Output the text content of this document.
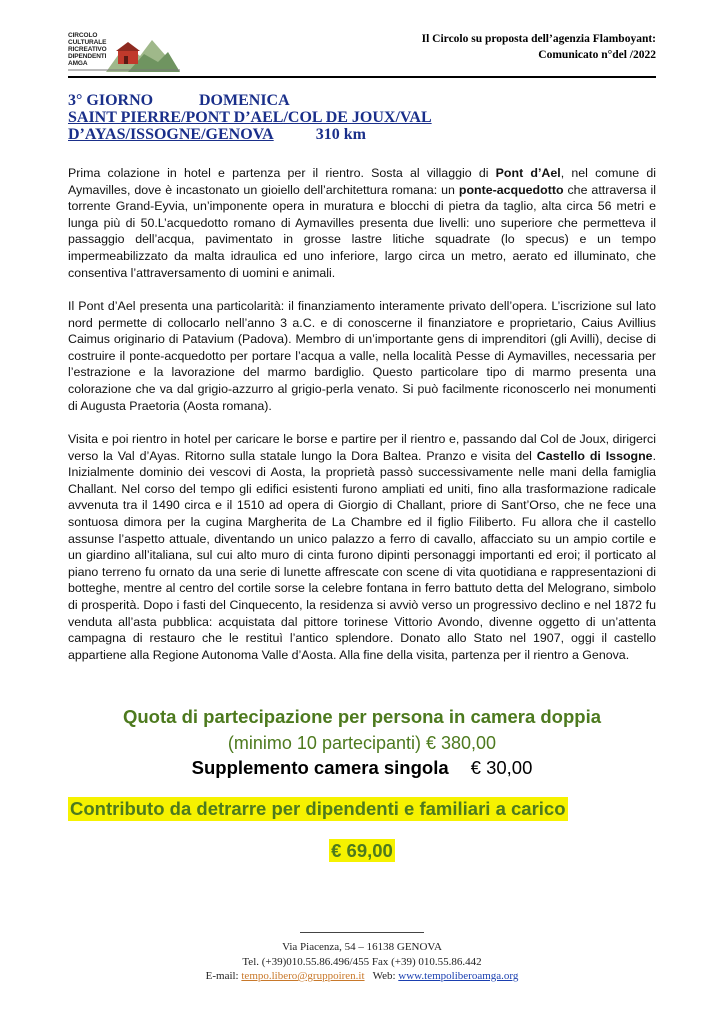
CIRCOLO CULTURALE
RICREATIVO DIPENDENTI
AMGA
Il Circolo su proposta dell’agenzia Flamboyant:
Comunicato n°del /2022
3° GIORNO	DOMENICA
SAINT PIERRE/PONT D’AEL/COL DE JOUX/VAL
D’AYAS/ISSOGNE/GENOVA	310 km

Prima colazione in hotel e partenza per il rientro. Sosta al villaggio di Pont d’Ael, nel comune di Aymavilles, dove è incastonato un gioiello dell’architettura romana: un ponte-acquedotto che attraversa il torrente Grand-Eyvia, un’imponente opera in muratura e blocchi di pietra da taglio, alta circa 56 metri e lunga più di 50.L’acquedotto romano di Aymavilles presenta due livelli: uno superiore che permetteva il passaggio dell’acqua, pavimentato in grosse lastre litiche squadrate (lo specus) e un tempo impermeabilizzato da malta idraulica ed uno inferiore, largo circa un metro, aerato ed illuminato, che consentiva l’attraversamento di uomini e animali.

Il Pont d’Ael presenta una particolarità: il finanziamento interamente privato dell’opera. L’iscrizione sul lato nord permette di collocarlo nell’anno 3 a.C. e di conoscerne il finanziatore e proprietario, Caius Avillius Caimus originario di Patavium (Padova). Membro di un’importante gens di imprenditori (gli Avilli), decise di costruire il ponte-acquedotto per portare l’acqua a valle, nella località Pesse di Aymavilles, necessaria per l’estrazione e la lavorazione del marmo bardiglio. Questo particolare tipo di marmo presenta una colorazione che va dal grigio-azzurro al grigio-perla venato. Si può facilmente riconoscerlo nei monumenti di Augusta Praetoria (Aosta romana).

Visita e poi rientro in hotel per caricare le borse e partire per il rientro e, passando dal Col de Joux, dirigerci verso la Val d’Ayas. Ritorno sulla statale lungo la Dora Baltea. Pranzo e visita del Castello di Issogne. Inizialmente dominio dei vescovi di Aosta, la proprietà passò successivamente nelle mani della famiglia Challant. Nel corso del tempo gli edifici esistenti furono ampliati ed uniti, fino alla trasformazione radicale avvenuta tra il 1490 circa e il 1510 ad opera di Giorgio di Challant, priore di Sant’Orso, che ne fece una sontuosa dimora per la cugina Margherita de La Chambre ed il figlio Filiberto. Fu allora che il castello assunse l’aspetto attuale, diventando un unico palazzo a ferro di cavallo, affacciato su un ampio cortile e un giardino all’italiana, sul cui alto muro di cinta furono dipinti personaggi importanti ed eroi; il porticato al piano terreno fu ornato da una serie di lunette affrescate con scene di vita quotidiana e rappresentazioni di botteghe, mentre al centro del cortile sorse la celebre fontana in ferro battuto detta del Melograno, simbolo di prosperità. Dopo i fasti del Cinquecento, la residenza si avviò verso un progressivo declino e nel 1872 fu venduta all’asta pubblica: acquistata dal pittore torinese Vittorio Avondo, divenne oggetto di un’attenta campagna di restauro che le restituì l’antico splendore. Donato allo Stato nel 1907, oggi il castello appartiene alla Regione Autonoma Valle d’Aosta. Alla fine della visita, partenza per il rientro a Genova.

Quota di partecipazione per persona in camera doppia
(minimo 10 partecipanti) € 380,00
Supplemento camera singola € 30,00
Contributo da detrarre per dipendenti e familiari a carico
€ 69,00
Via Piacenza, 54 – 16138 GENOVA
Tel. (+39)010.55.86.496/455 Fax (+39) 010.55.86.442
E-mail: tempo.libero@gruppoiren.it   Web: www.tempoliberoamga.org
